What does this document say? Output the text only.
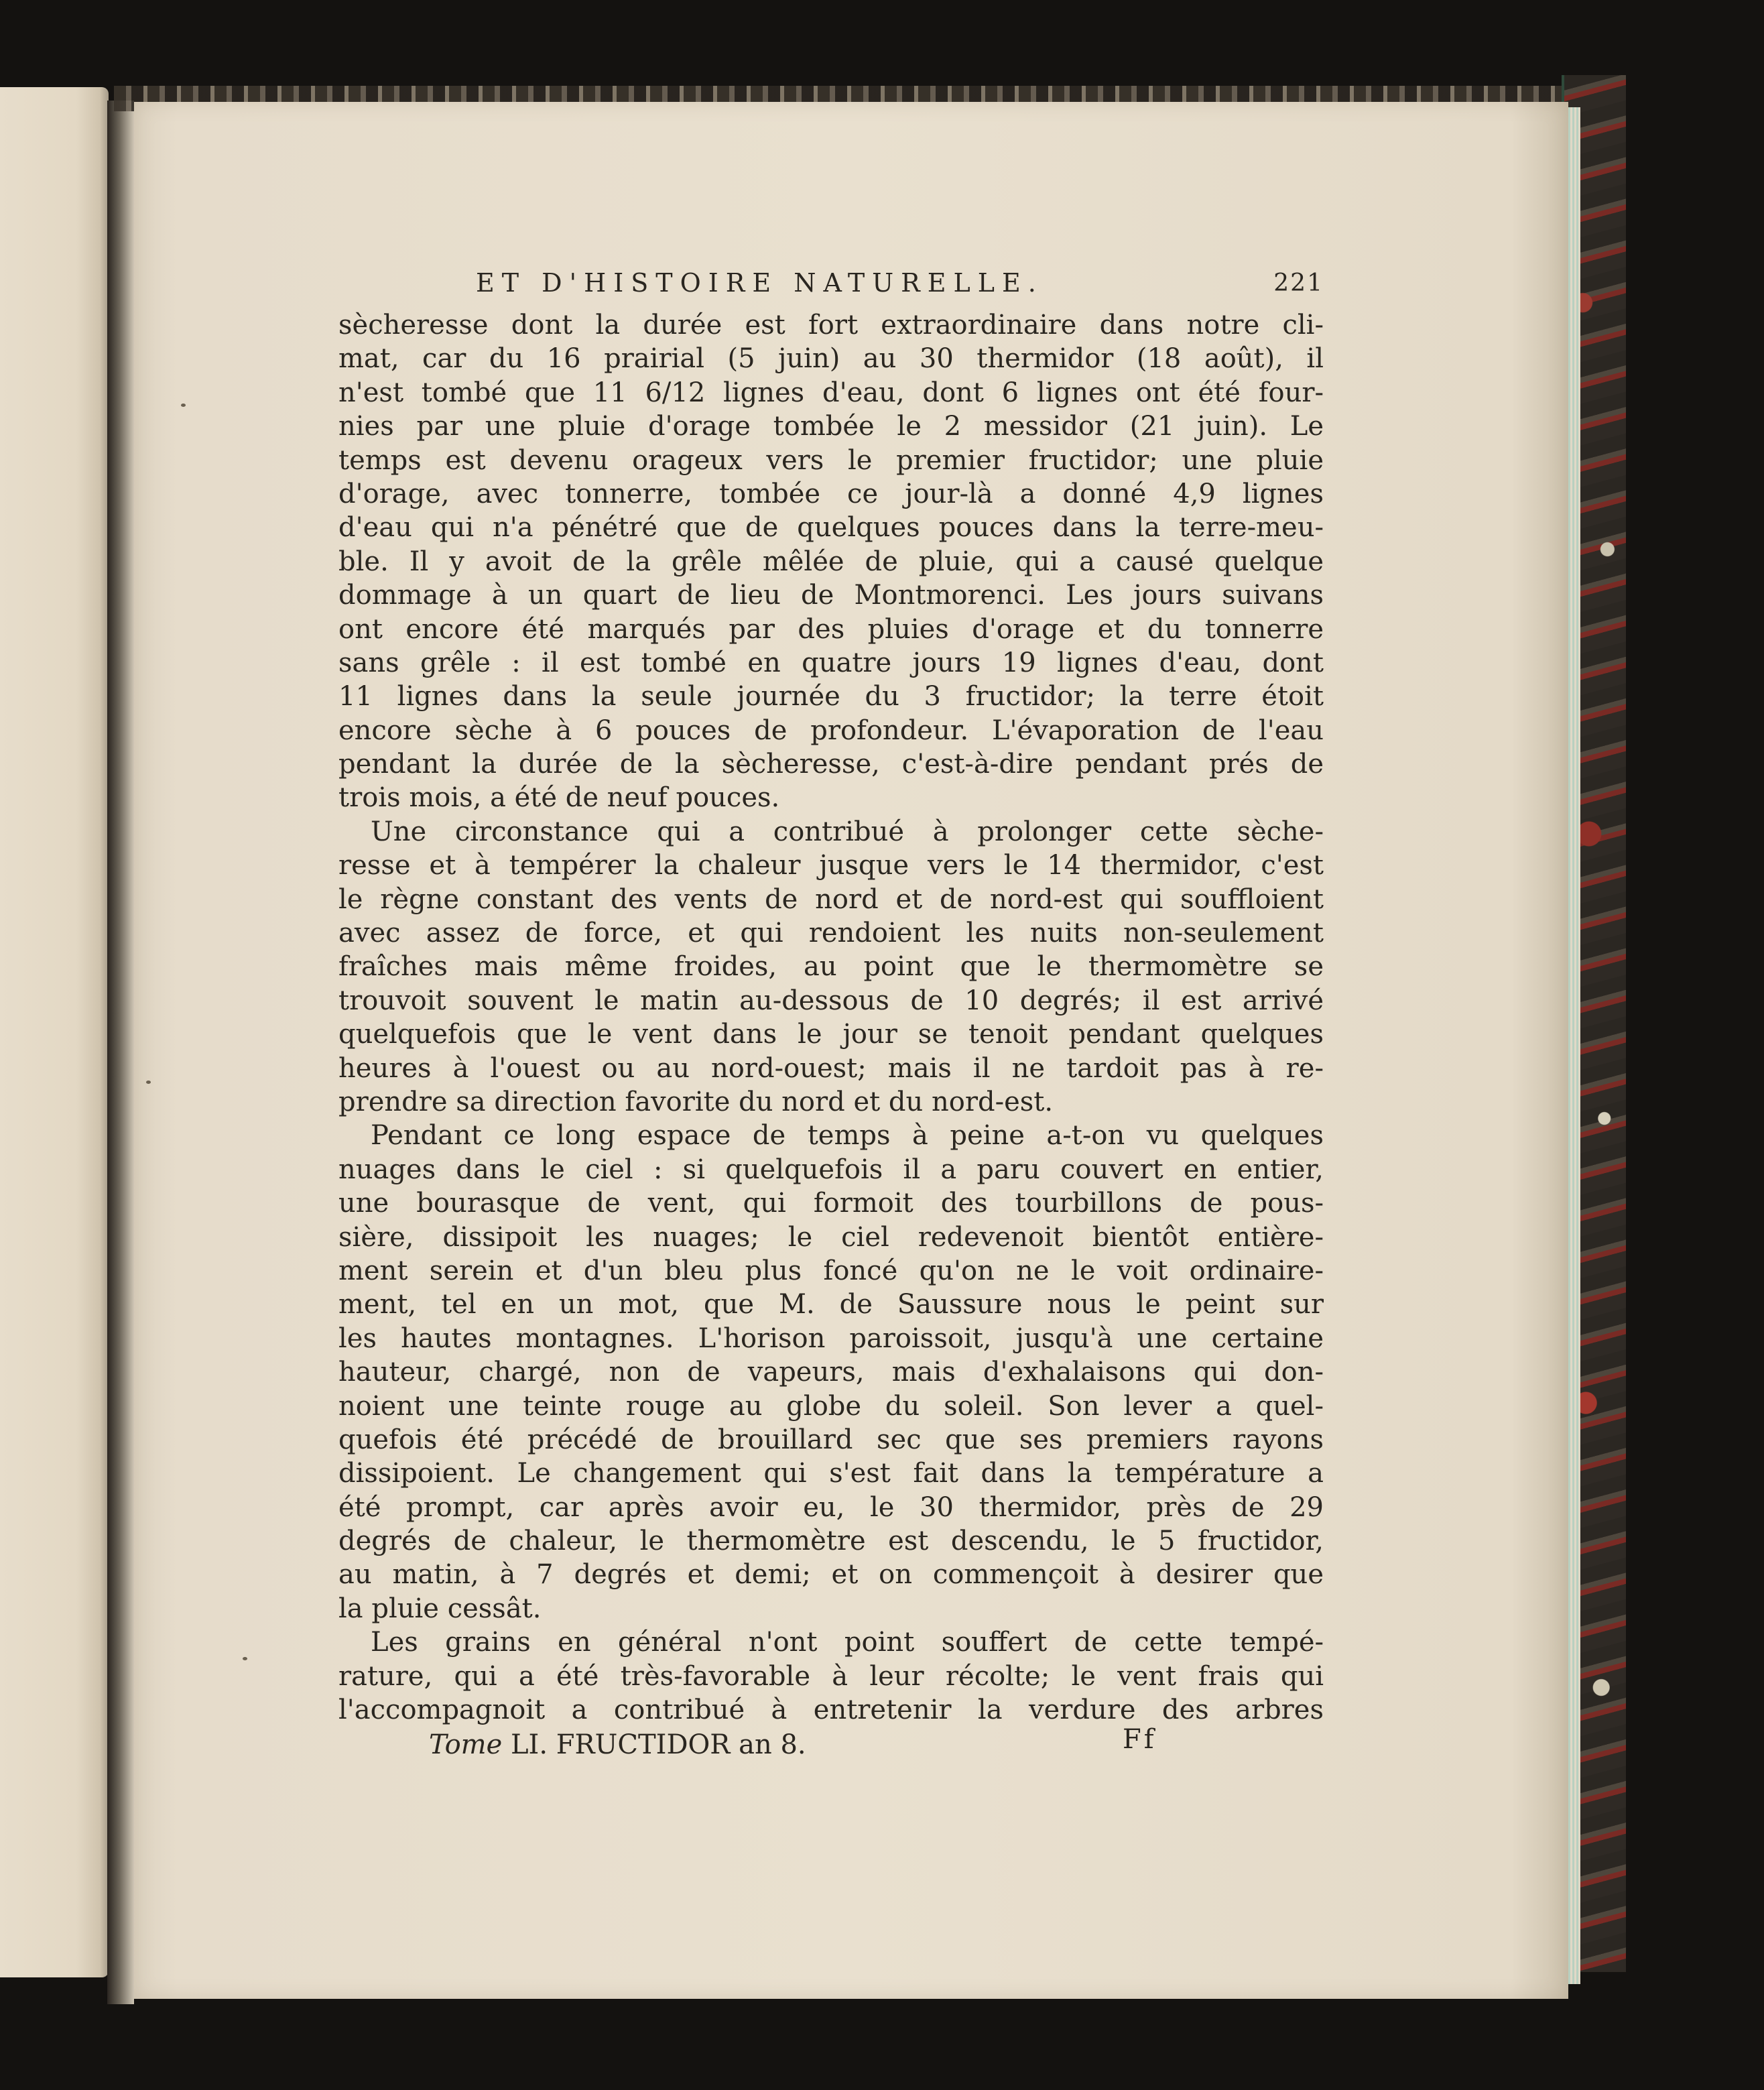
ET D'HISTOIRE NATURELLE.	221
sècheresse dont la durée est fort extraordinaire dans notre cli-
mat, car du 16 prairial (5 juin) au 30 thermidor (18 août), il
n'est tombé que 11 6/12 lignes d'eau, dont 6 lignes ont été four-
nies par une pluie d'orage tombée le 2 messidor (21 juin). Le
temps est devenu orageux vers le premier fructidor; une pluie
d'orage, avec tonnerre, tombée ce jour-là a donné 4,9 lignes
d'eau qui n'a pénétré que de quelques pouces dans la terre-meu-
ble. Il y avoit de la grêle mêlée de pluie, qui a causé quelque
dommage à un quart de lieu de Montmorenci. Les jours suivans
ont encore été marqués par des pluies d'orage et du tonnerre
sans grêle : il est tombé en quatre jours 19 lignes d'eau, dont
11 lignes dans la seule journée du 3 fructidor; la terre étoit
encore sèche à 6 pouces de profondeur. L'évaporation de l'eau
pendant la durée de la sècheresse, c'est-à-dire pendant prés de
trois mois, a été de neuf pouces.
Une circonstance qui a contribué à prolonger cette sèche-
resse et à tempérer la chaleur jusque vers le 14 thermidor, c'est
le règne constant des vents de nord et de nord-est qui souffloient
avec assez de force, et qui rendoient les nuits non-seulement
fraîches mais même froides, au point que le thermomètre se
trouvoit souvent le matin au-dessous de 10 degrés; il est arrivé
quelquefois que le vent dans le jour se tenoit pendant quelques
heures à l'ouest ou au nord-ouest; mais il ne tardoit pas à re-
prendre sa direction favorite du nord et du nord-est.
Pendant ce long espace de temps à peine a-t-on vu quelques
nuages dans le ciel : si quelquefois il a paru couvert en entier,
une bourasque de vent, qui formoit des tourbillons de pous-
sière, dissipoit les nuages; le ciel redevenoit bientôt entière-
ment serein et d'un bleu plus foncé qu'on ne le voit ordinaire-
ment, tel en un mot, que M. de Saussure nous le peint sur
les hautes montagnes. L'horison paroissoit, jusqu'à une certaine
hauteur, chargé, non de vapeurs, mais d'exhalaisons qui don-
noient une teinte rouge au globe du soleil. Son lever a quel-
quefois été précédé de brouillard sec que ses premiers rayons
dissipoient. Le changement qui s'est fait dans la température a
été prompt, car après avoir eu, le 30 thermidor, près de 29
degrés de chaleur, le thermomètre est descendu, le 5 fructidor,
au matin, à 7 degrés et demi; et on commençoit à desirer que
la pluie cessât.
Les grains en général n'ont point souffert de cette tempé-
rature, qui a été très-favorable à leur récolte; le vent frais qui
l'accompagnoit a contribué à entretenir la verdure des arbres
Tome LI. FRUCTIDOR an 8.	Ff
